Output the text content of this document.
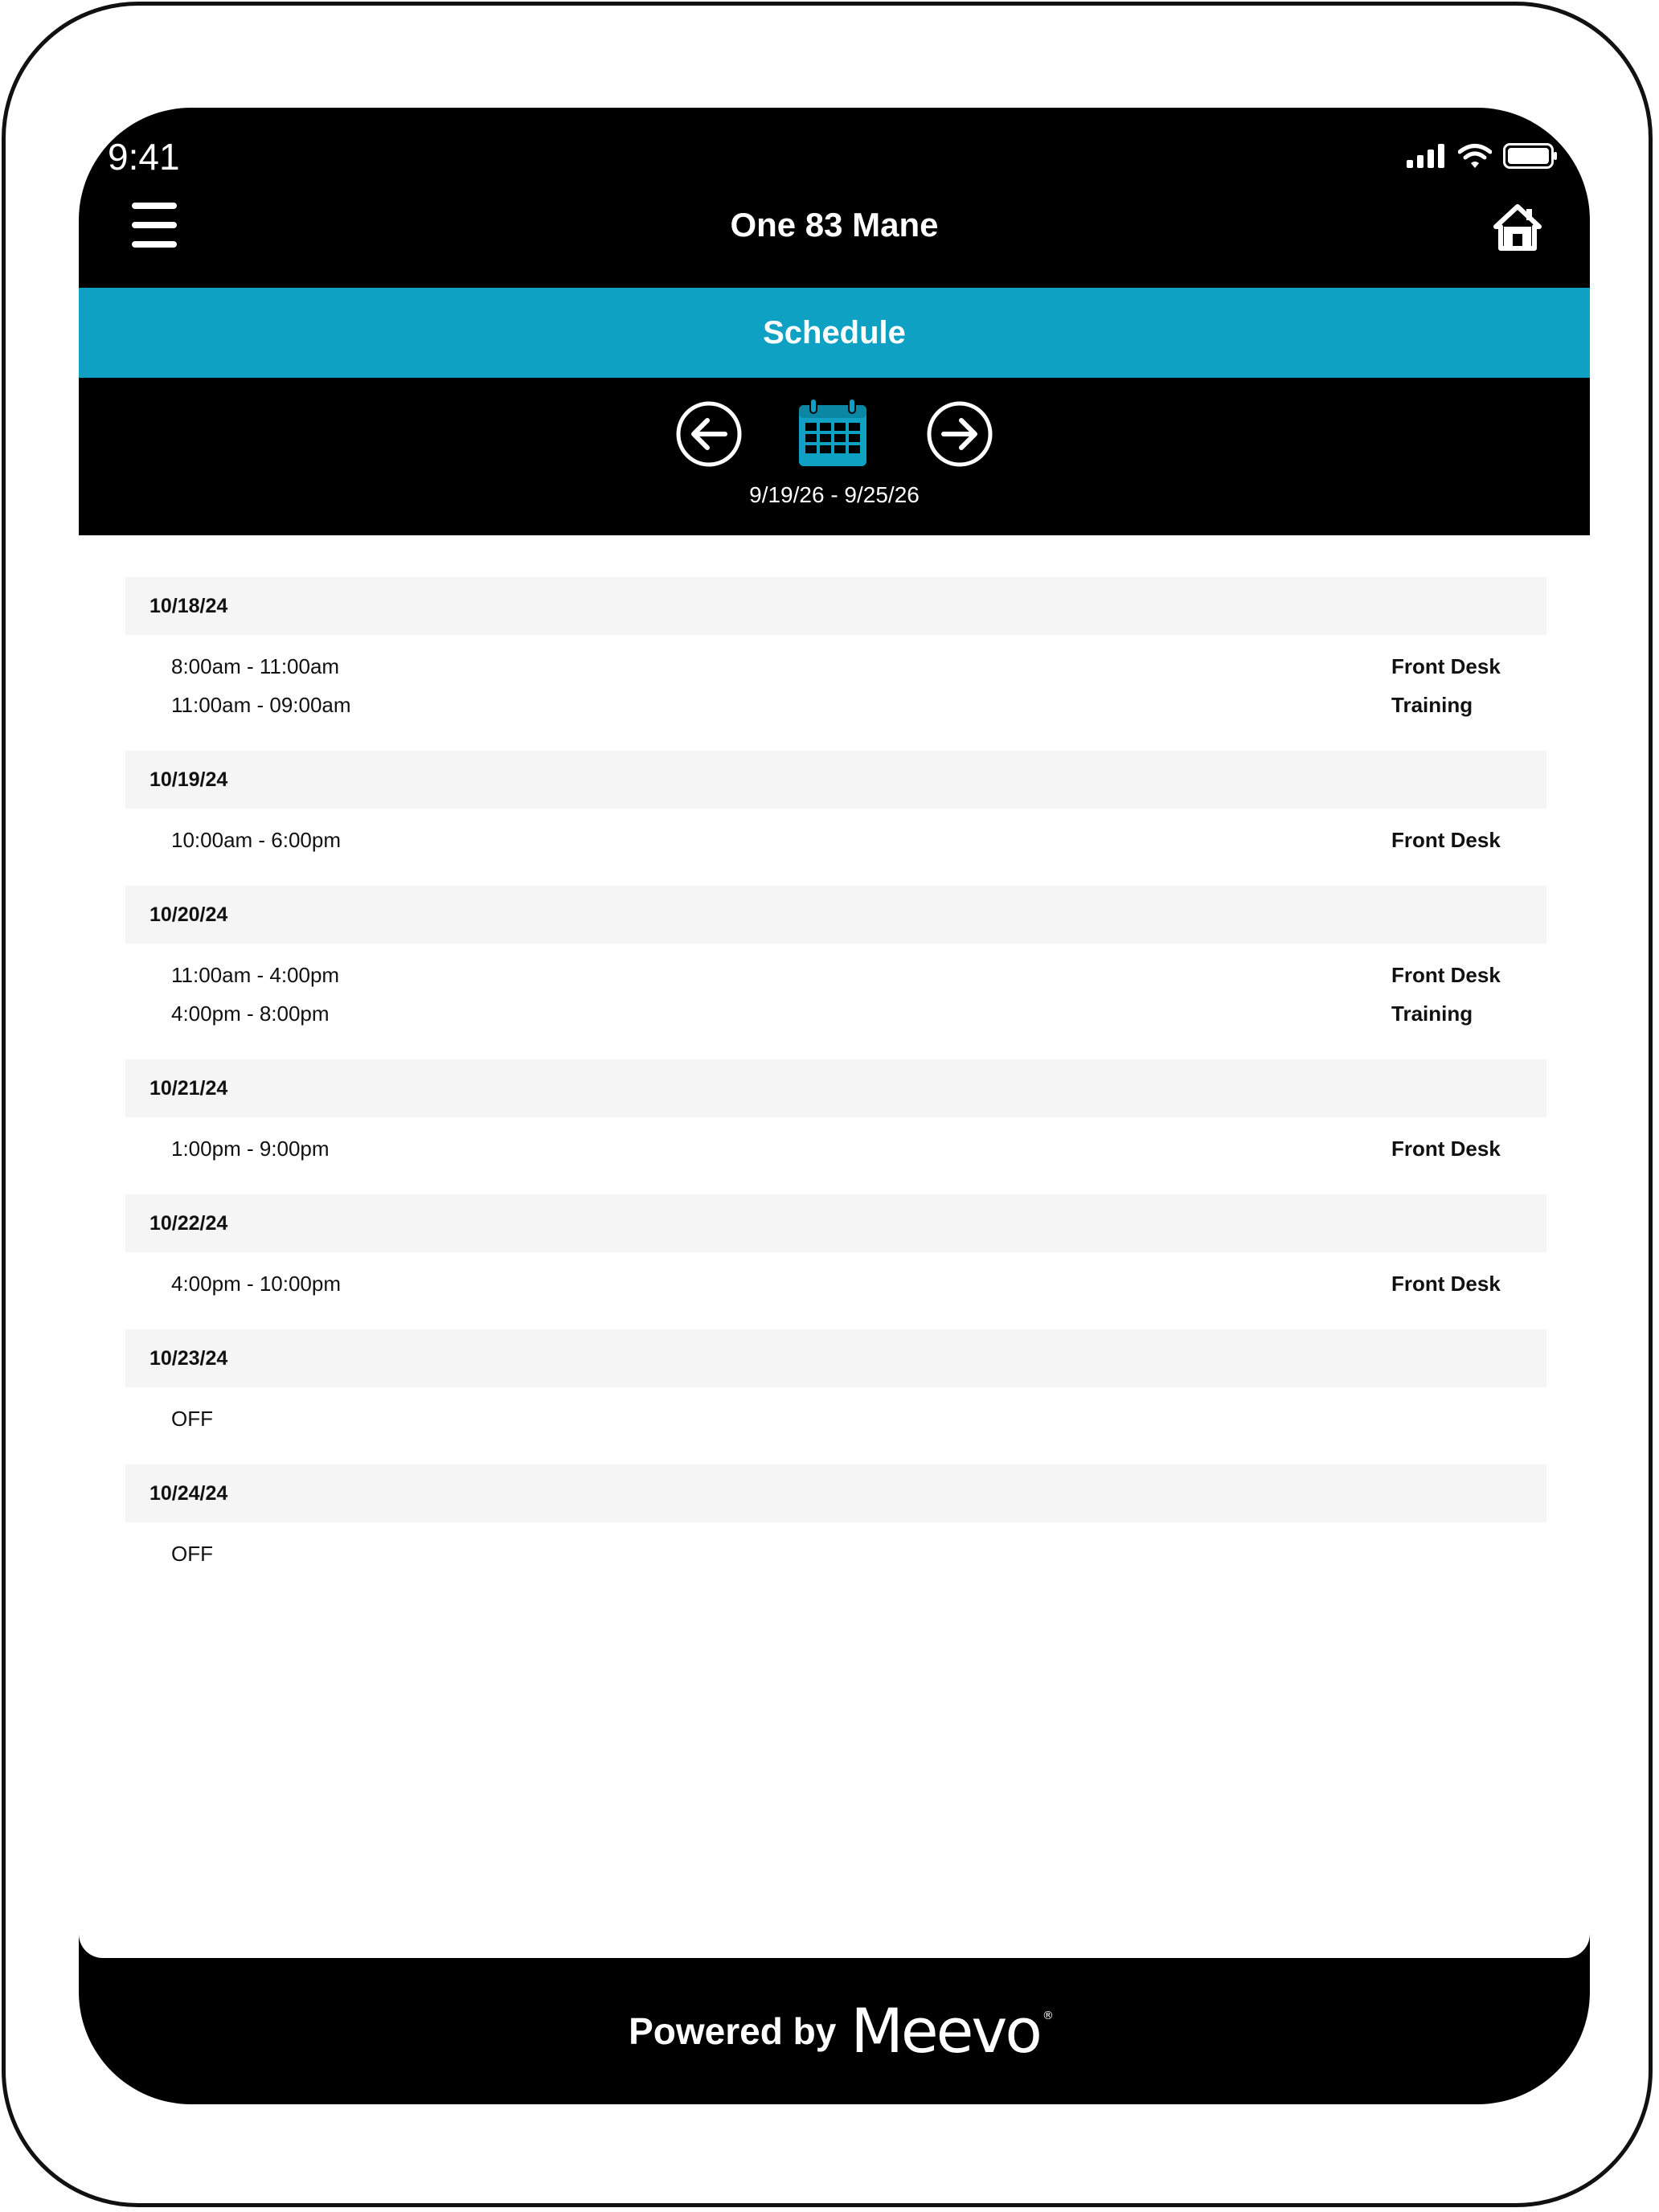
9:41
One 83 Mane
Schedule
9/19/26 - 9/25/26
10/18/24
8:00am - 11:00am	Front Desk
11:00am - 09:00am	Training
10/19/24
10:00am - 6:00pm	Front Desk
10/20/24
11:00am - 4:00pm	Front Desk
4:00pm - 8:00pm	Training
10/21/24
1:00pm - 9:00pm	Front Desk
10/22/24
4:00pm - 10:00pm	Front Desk
10/23/24
OFF
10/24/24
OFF
Powered by Meevo ®
